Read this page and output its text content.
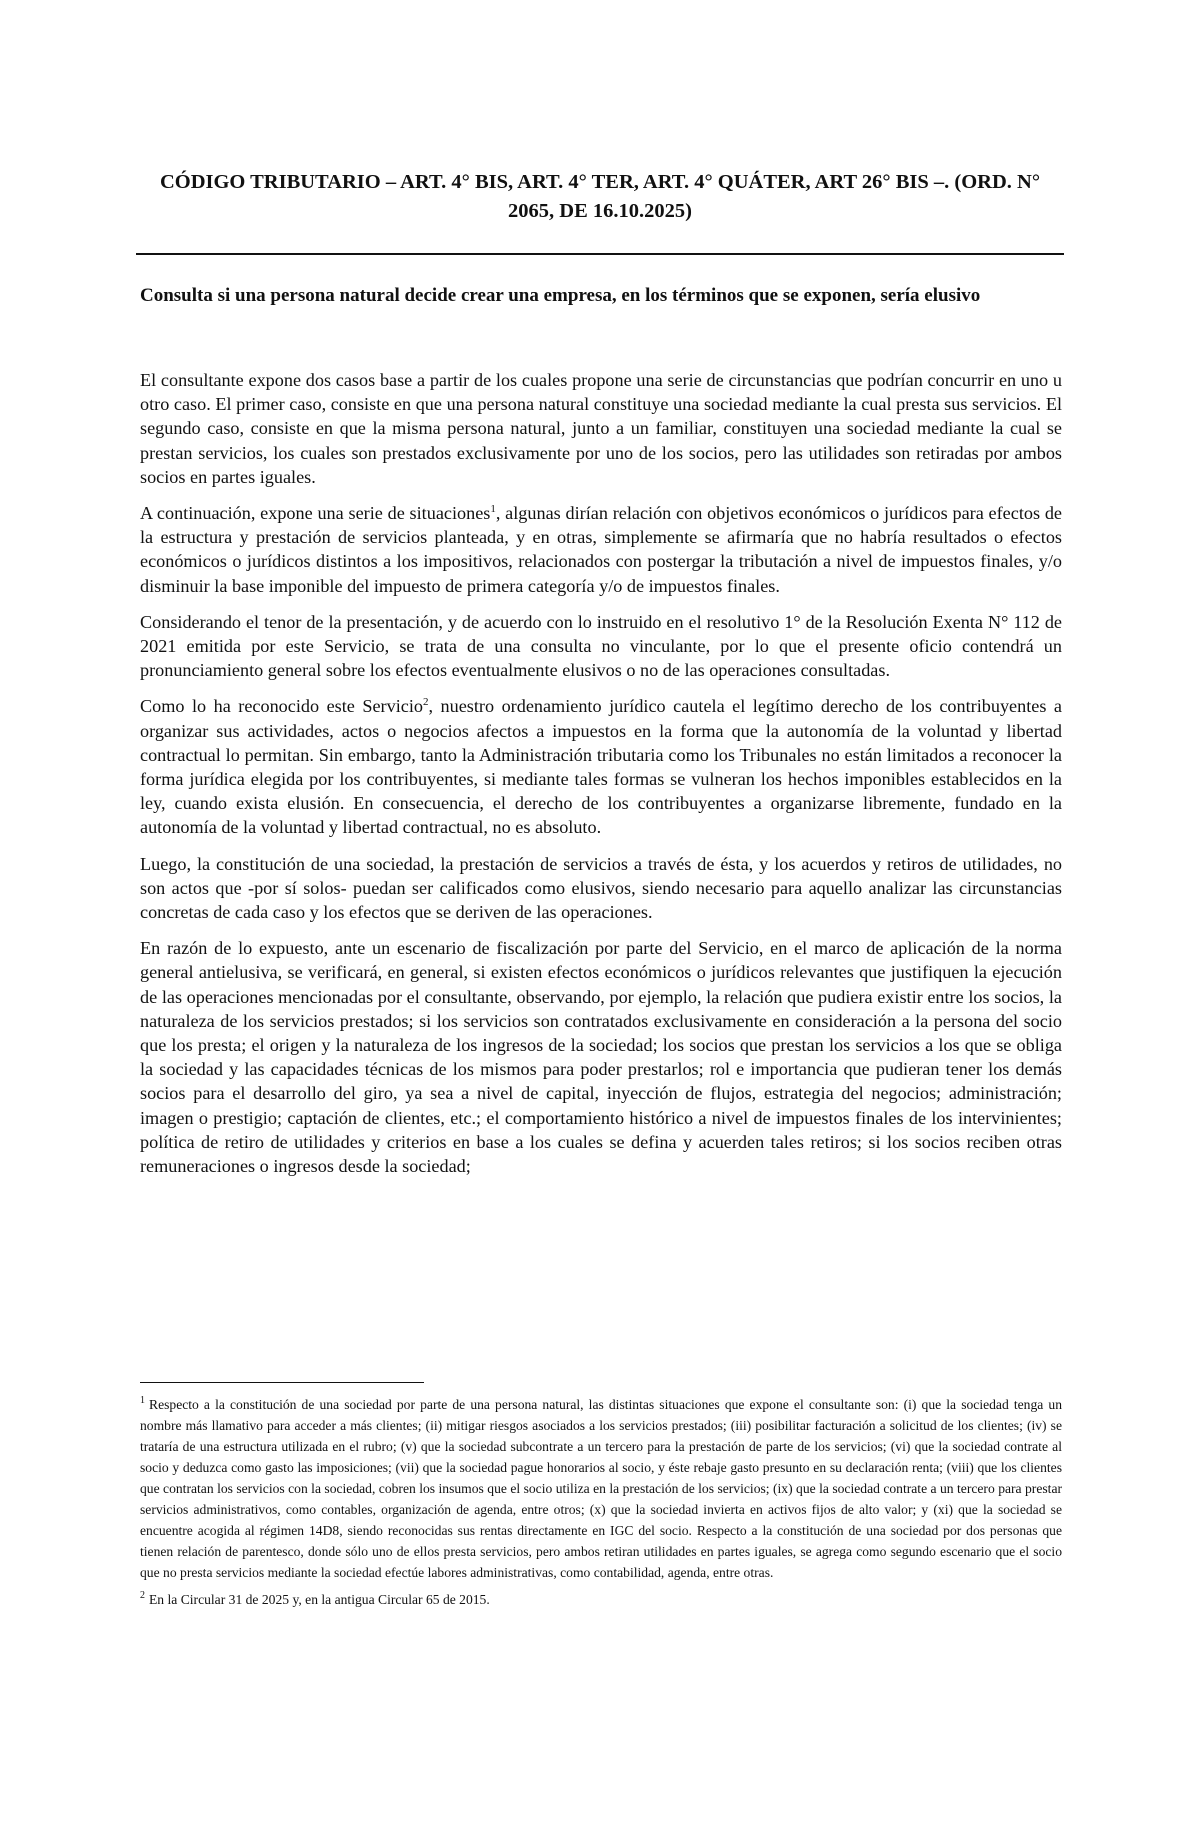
CÓDIGO TRIBUTARIO – ART. 4° BIS, ART. 4° TER, ART. 4° QUÁTER, ART 26° BIS –. (ORD. N° 2065, DE 16.10.2025)
Consulta si una persona natural decide crear una empresa, en los términos que se exponen, sería elusivo

El consultante expone dos casos base a partir de los cuales propone una serie de circunstancias que podrían concurrir en uno u otro caso. El primer caso, consiste en que una persona natural constituye una sociedad mediante la cual presta sus servicios. El segundo caso, consiste en que la misma persona natural, junto a un familiar, constituyen una sociedad mediante la cual se prestan servicios, los cuales son prestados exclusivamente por uno de los socios, pero las utilidades son retiradas por ambos socios en partes iguales.

A continuación, expone una serie de situaciones$^1$, algunas dirían relación con objetivos económicos o jurídicos para efectos de la estructura y prestación de servicios planteada, y en otras, simplemente se afirmaría que no habría resultados o efectos económicos o jurídicos distintos a los impositivos, relacionados con postergar la tributación a nivel de impuestos finales, y/o disminuir la base imponible del impuesto de primera categoría y/o de impuestos finales.

Considerando el tenor de la presentación, y de acuerdo con lo instruido en el resolutivo 1° de la Resolución Exenta N° 112 de 2021 emitida por este Servicio, se trata de una consulta no vinculante, por lo que el presente oficio contendrá un pronunciamiento general sobre los efectos eventualmente elusivos o no de las operaciones consultadas.

Como lo ha reconocido este Servicio$^2$, nuestro ordenamiento jurídico cautela el legítimo derecho de los contribuyentes a organizar sus actividades, actos o negocios afectos a impuestos en la forma que la autonomía de la voluntad y libertad contractual lo permitan. Sin embargo, tanto la Administración tributaria como los Tribunales no están limitados a reconocer la forma jurídica elegida por los contribuyentes, si mediante tales formas se vulneran los hechos imponibles establecidos en la ley, cuando exista elusión. En consecuencia, el derecho de los contribuyentes a organizarse libremente, fundado en la autonomía de la voluntad y libertad contractual, no es absoluto.

Luego, la constitución de una sociedad, la prestación de servicios a través de ésta, y los acuerdos y retiros de utilidades, no son actos que -por sí solos- puedan ser calificados como elusivos, siendo necesario para aquello analizar las circunstancias concretas de cada caso y los efectos que se deriven de las operaciones.

En razón de lo expuesto, ante un escenario de fiscalización por parte del Servicio, en el marco de aplicación de la norma general antielusiva, se verificará, en general, si existen efectos económicos o jurídicos relevantes que justifiquen la ejecución de las operaciones mencionadas por el consultante, observando, por ejemplo, la relación que pudiera existir entre los socios, la naturaleza de los servicios prestados; si los servicios son contratados exclusivamente en consideración a la persona del socio que los presta; el origen y la naturaleza de los ingresos de la sociedad; los socios que prestan los servicios a los que se obliga la sociedad y las capacidades técnicas de los mismos para poder prestarlos; rol e importancia que pudieran tener los demás socios para el desarrollo del giro, ya sea a nivel de capital, inyección de flujos, estrategia del negocios; administración; imagen o prestigio; captación de clientes, etc.; el comportamiento histórico a nivel de impuestos finales de los intervinientes; política de retiro de utilidades y criterios en base a los cuales se defina y acuerden tales retiros; si los socios reciben otras remuneraciones o ingresos desde la sociedad;

$^1$ Respecto a la constitución de una sociedad por parte de una persona natural, las distintas situaciones que expone el consultante son: (i) que la sociedad tenga un nombre más llamativo para acceder a más clientes; (ii) mitigar riesgos asociados a los servicios prestados; (iii) posibilitar facturación a solicitud de los clientes; (iv) se trataría de una estructura utilizada en el rubro; (v) que la sociedad subcontrate a un tercero para la prestación de parte de los servicios; (vi) que la sociedad contrate al socio y deduzca como gasto las imposiciones; (vii) que la sociedad pague honorarios al socio, y éste rebaje gasto presunto en su declaración renta; (viii) que los clientes que contratan los servicios con la sociedad, cobren los insumos que el socio utiliza en la prestación de los servicios; (ix) que la sociedad contrate a un tercero para prestar servicios administrativos, como contables, organización de agenda, entre otros; (x) que la sociedad invierta en activos fijos de alto valor; y (xi) que la sociedad se encuentre acogida al régimen 14D8, siendo reconocidas sus rentas directamente en IGC del socio. Respecto a la constitución de una sociedad por dos personas que tienen relación de parentesco, donde sólo uno de ellos presta servicios, pero ambos retiran utilidades en partes iguales, se agrega como segundo escenario que el socio que no presta servicios mediante la sociedad efectúe labores administrativas, como contabilidad, agenda, entre otras.

$^2$ En la Circular 31 de 2025 y, en la antigua Circular 65 de 2015.
